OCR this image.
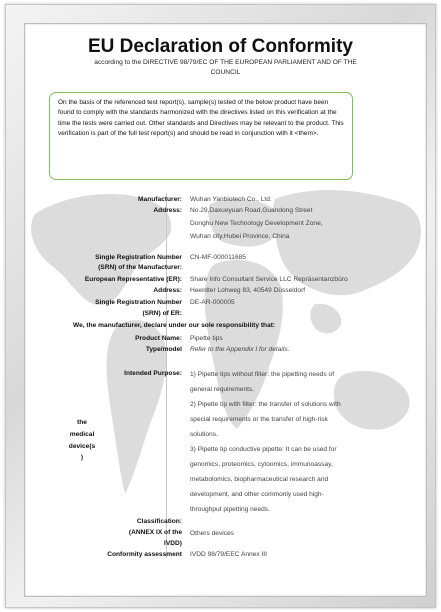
EU Declaration of Conformity
according to the DIRECTIVE 98/79/EC OF THE EUROPEAN PARLIAMENT AND OF THE
COUNCIL
On the basis of the referenced test report(s), sample(s) tested of the below product have been found to comply with the standards harmonized with the directives listed on this verification at the time the tests were carried out. Other standards and Directives may be relevant to the product. This verification is part of the full test report(s) and should be read in conjunction with it <them>.
Manufacturer: Wuhan Yanbiotech Co., Ltd.
Address: No.29,Daxueyuan Road,Guandong Street
Donghu New Technology Development Zone,
Wuhan city,Hubei Province, China
Single Registration Number
(SRN) of the Manufacturer:
CN-MF-000011685
European Representative (ER): Share Info Consultant Service LLC Repräsentanzbüro
Address: Heerdter Lohweg 83, 40549 Düsseldorf
Single Registration Number
(SRN) of ER:
DE-AR-000005
We, the manufacturer, declare under our sole responsibility that:
Product Name: Pipette tips
Type/model Refer to the Appendix I for details.
Intended Purpose:
the
medical
device(s
)
1) Pipette tips without filter: the pipetting needs of
general requirements.
2) Pipette tip with filter: the transfer of solutions with
special requirements or the transfer of high-risk
solutions.
3) Pipette tip conductive pipette: It can be used for
genomics, proteomics, cytoomics, immunoassay,
metabolomics, biopharmaceutical research and
development, and other commonly used high-
throughput pipetting needs.
Classification:
(ANNEX IX of the
IVDD)
Others devices
Conformity assessment IVDD 98/79/EEC Annex III
